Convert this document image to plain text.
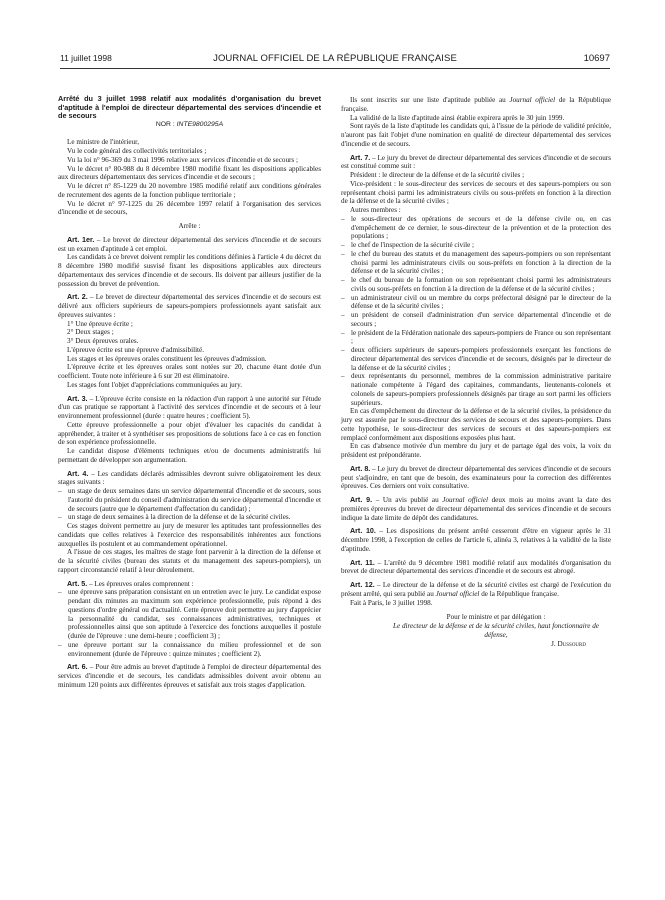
11 juillet 1998	JOURNAL OFFICIEL DE LA RÉPUBLIQUE FRANÇAISE	10697

Arrêté du 3 juillet 1998 relatif aux modalités d'organisation du brevet d'aptitude à l'emploi de directeur départemental des services d'incendie et de secours

NOR : INTE9800295A

Le ministre de l'intérieur,

Vu le code général des collectivités territoriales ;

Vu la loi n° 96-369 du 3 mai 1996 relative aux services d'incendie et de secours ;

Vu le décret n° 80-988 du 8 décembre 1980 modifié fixant les dispositions applicables aux directeurs départementaux des services d'incendie et de secours ;

Vu le décret n° 85-1229 du 20 novembre 1985 modifié relatif aux conditions générales de recrutement des agents de la fonction publique territoriale ;

Vu le décret n° 97-1225 du 26 décembre 1997 relatif à l'organisation des services d'incendie et de secours,

Arrête :

Art. 1er. – Le brevet de directeur départemental des services d'incendie et de secours est un examen d'aptitude à cet emploi.

Les candidats à ce brevet doivent remplir les conditions définies à l'article 4 du décret du 8 décembre 1980 modifié susvisé fixant les dispositions applicables aux directeurs départementaux des services d'incendie et de secours. Ils doivent par ailleurs justifier de la possession du brevet de prévention.

Art. 2. – Le brevet de directeur départemental des services d'incendie et de secours est délivré aux officiers supérieurs de sapeurs-pompiers professionnels ayant satisfait aux épreuves suivantes :

1° Une épreuve écrite ;

2° Deux stages ;

3° Deux épreuves orales.

L'épreuve écrite est une épreuve d'admissibilité.

Les stages et les épreuves orales constituent les épreuves d'admission.

L'épreuve écrite et les épreuves orales sont notées sur 20, chacune étant dotée d'un coefficient. Toute note inférieure à 6 sur 20 est éliminatoire.

Les stages font l'objet d'appréciations communiquées au jury.

Art. 3. – L'épreuve écrite consiste en la rédaction d'un rapport à une autorité sur l'étude d'un cas pratique se rapportant à l'activité des services d'incendie et de secours et à leur environnement professionnel (durée : quatre heures ; coefficient 5).

Cette épreuve professionnelle a pour objet d'évaluer les capacités du candidat à appréhender, à traiter et à synthétiser ses propositions de solutions face à ce cas en fonction de son expérience professionnelle.

Le candidat dispose d'éléments techniques et/ou de documents administratifs lui permettant de développer son argumentation.

Art. 4. – Les candidats déclarés admissibles devront suivre obligatoirement les deux stages suivants :

– un stage de deux semaines dans un service départemental d'incendie et de secours, sous l'autorité du président du conseil d'administration du service départemental d'incendie et de secours (autre que le département d'affectation du candidat) ;
– un stage de deux semaines à la direction de la défense et de la sécurité civiles.

Ces stages doivent permettre au jury de mesurer les aptitudes tant professionnelles des candidats que celles relatives à l'exercice des responsabilités inhérentes aux fonctions auxquelles ils postulent et au commandement opérationnel.

A l'issue de ces stages, les maîtres de stage font parvenir à la direction de la défense et de la sécurité civiles (bureau des statuts et du management des sapeurs-pompiers), un rapport circonstancié relatif à leur déroulement.

Art. 5. – Les épreuves orales comprennent :

– une épreuve sans préparation consistant en un entretien avec le jury. Le candidat expose pendant dix minutes au maximum son expérience professionnelle, puis répond à des questions d'ordre général ou d'actualité. Cette épreuve doit permettre au jury d'apprécier la personnalité du candidat, ses connaissances administratives, techniques et professionnelles ainsi que son aptitude à l'exercice des fonctions auxquelles il postule (durée de l'épreuve : une demi-heure ; coefficient 3) ;
– une épreuve portant sur la connaissance du milieu professionnel et de son environnement (durée de l'épreuve : quinze minutes ; coefficient 2).

Art. 6. – Pour être admis au brevet d'aptitude à l'emploi de directeur départemental des services d'incendie et de secours, les candidats admissibles doivent avoir obtenu au minimum 120 points aux différentes épreuves et satisfait aux trois stages d'application.

Ils sont inscrits sur une liste d'aptitude publiée au Journal officiel de la République française.

La validité de la liste d'aptitude ainsi établie expirera après le 30 juin 1999.

Sont rayés de la liste d'aptitude les candidats qui, à l'issue de la période de validité précitée, n'auront pas fait l'objet d'une nomination en qualité de directeur départemental des services d'incendie et de secours.

Art. 7. – Le jury du brevet de directeur départemental des services d'incendie et de secours est constitué comme suit :

Président : le directeur de la défense et de la sécurité civiles ;

Vice-président : le sous-directeur des services de secours et des sapeurs-pompiers ou son représentant choisi parmi les administrateurs civils ou sous-préfets en fonction à la direction de la défense et de la sécurité civiles ;

Autres membres :

– le sous-directeur des opérations de secours et de la défense civile ou, en cas d'empêchement de ce dernier, le sous-directeur de la prévention et de la protection des populations ;
– le chef de l'inspection de la sécurité civile ;
– le chef du bureau des statuts et du management des sapeurs-pompiers ou son représentant choisi parmi les administrateurs civils ou sous-préfets en fonction à la direction de la défense et de la sécurité civiles ;
– le chef du bureau de la formation ou son représentant choisi parmi les administrateurs civils ou sous-préfets en fonction à la direction de la défense et de la sécurité civiles ;
– un administrateur civil ou un membre du corps préfectoral désigné par le directeur de la défense et de la sécurité civiles ;
– un président de conseil d'administration d'un service départemental d'incendie et de secours ;
– le président de la Fédération nationale des sapeurs-pompiers de France ou son représentant ;
– deux officiers supérieurs de sapeurs-pompiers professionnels exerçant les fonctions de directeur départemental des services d'incendie et de secours, désignés par le directeur de la défense et de la sécurité civiles ;
– deux représentants du personnel, membres de la commission administrative paritaire nationale compétente à l'égard des capitaines, commandants, lieutenants-colonels et colonels de sapeurs-pompiers professionnels désignés par tirage au sort parmi les officiers supérieurs.

En cas d'empêchement du directeur de la défense et de la sécurité civiles, la présidence du jury est assurée par le sous-directeur des services de secours et des sapeurs-pompiers. Dans cette hypothèse, le sous-directeur des services de secours et des sapeurs-pompiers est remplacé conformément aux dispositions exposées plus haut.

En cas d'absence motivée d'un membre du jury et de partage égal des voix, la voix du président est prépondérante.

Art. 8. – Le jury du brevet de directeur départemental des services d'incendie et de secours peut s'adjoindre, en tant que de besoin, des examinateurs pour la correction des différentes épreuves. Ces derniers ont voix consultative.

Art. 9. – Un avis publié au Journal officiel deux mois au moins avant la date des premières épreuves du brevet de directeur départemental des services d'incendie et de secours indique la date limite de dépôt des candidatures.

Art. 10. – Les dispositions du présent arrêté cesseront d'être en vigueur après le 31 décembre 1998, à l'exception de celles de l'article 6, alinéa 3, relatives à la validité de la liste d'aptitude.

Art. 11. – L'arrêté du 9 décembre 1981 modifié relatif aux modalités d'organisation du brevet de directeur départemental des services d'incendie et de secours est abrogé.

Art. 12. – Le directeur de la défense et de la sécurité civiles est chargé de l'exécution du présent arrêté, qui sera publié au Journal officiel de la République française.

Fait à Paris, le 3 juillet 1998.

Pour le ministre et par délégation :

Le directeur de la défense et de la sécurité civiles, haut fonctionnaire de défense,

J. Dussourd
